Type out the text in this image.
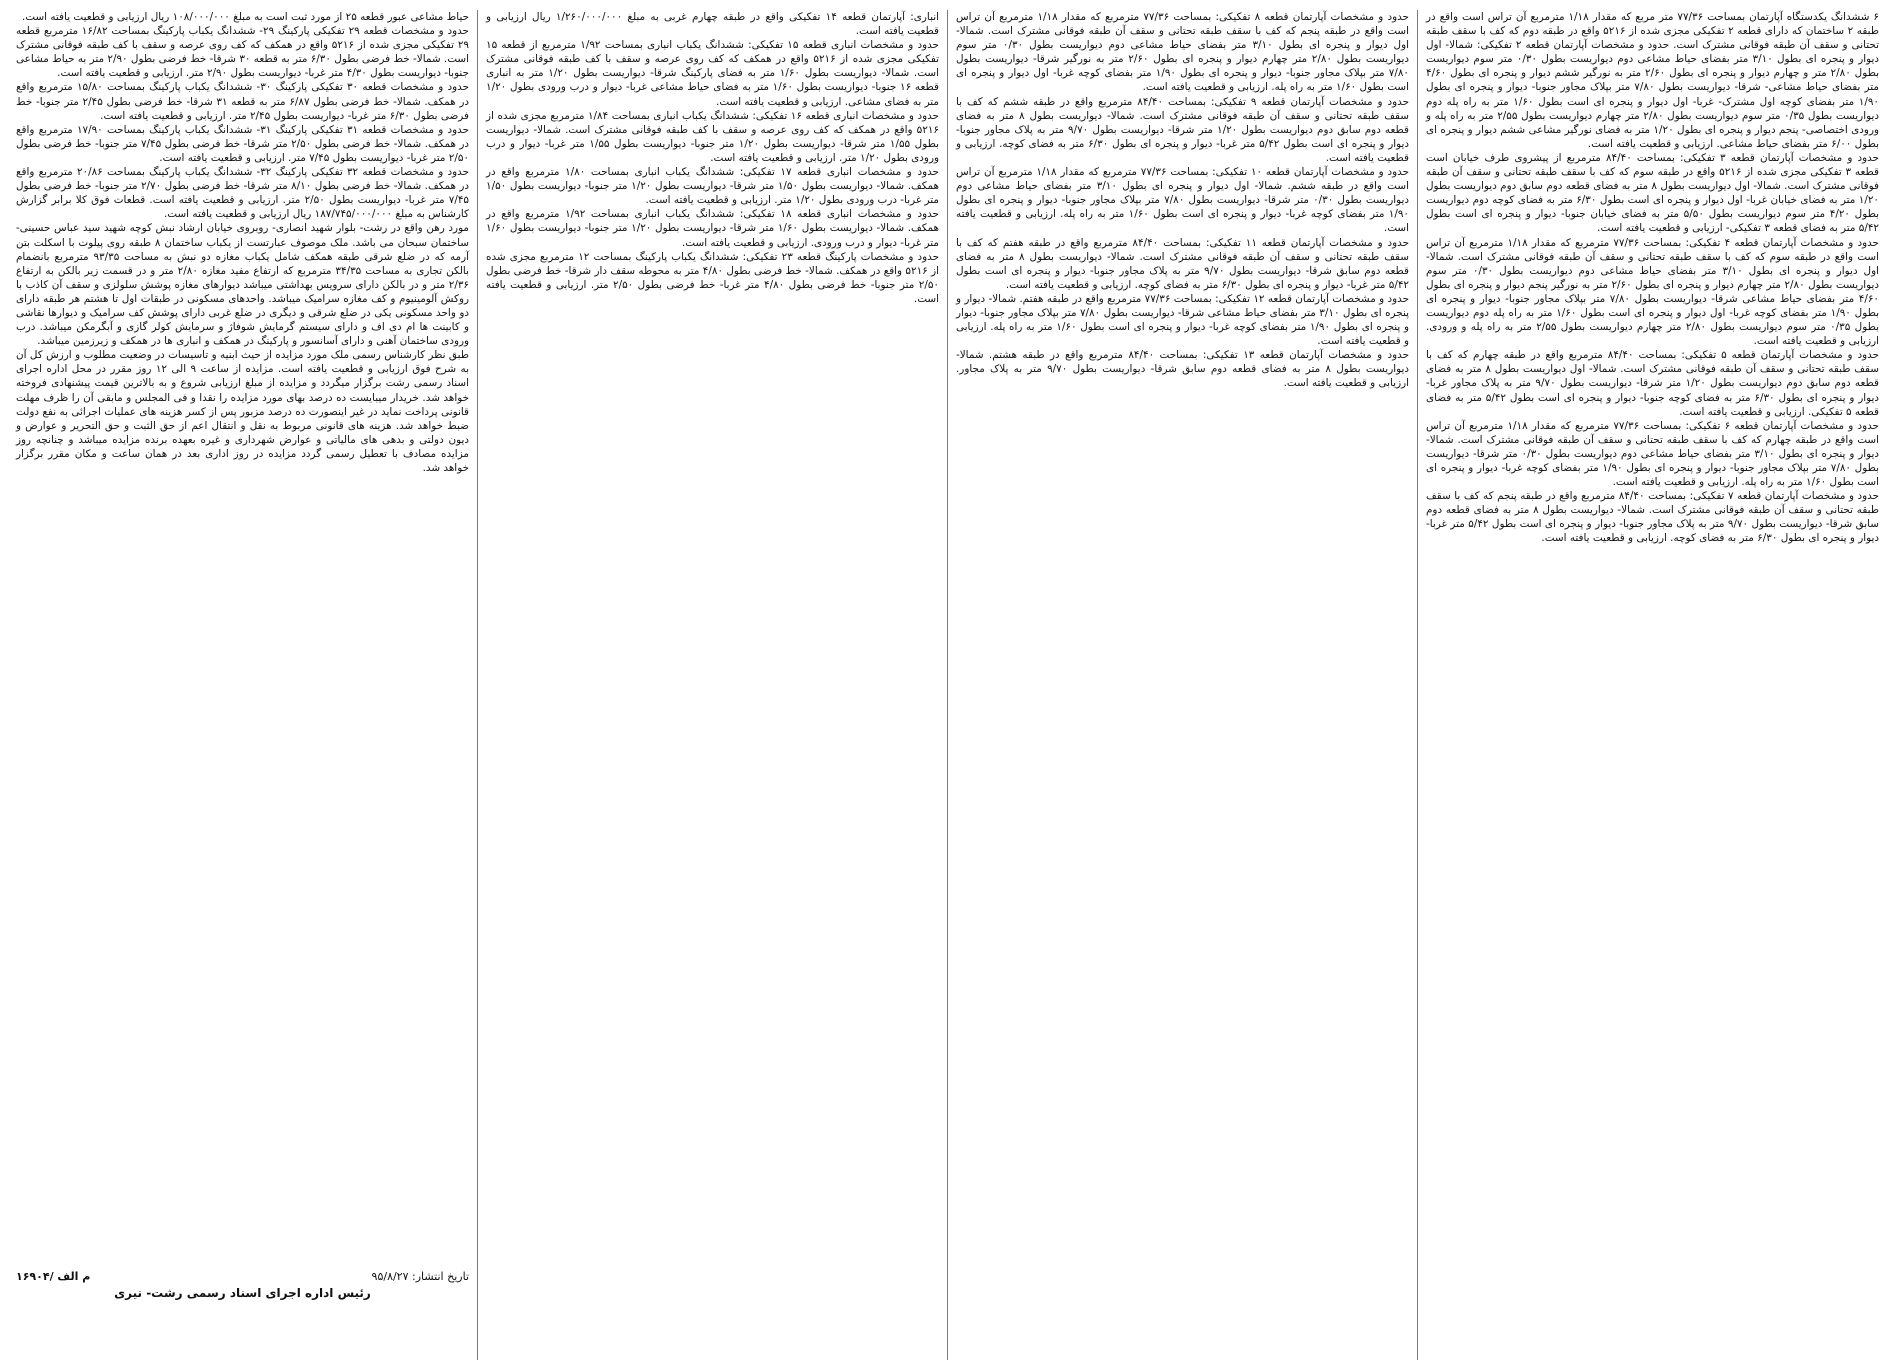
۶ ششدانگ یکدستگاه آپارتمان بمساحت ۷۷/۳۶ متر مربع که مقدار ۱/۱۸ مترمربع آن تراس است واقع در طبقه ۲ ساختمان که دارای قطعه ۲ تفکیکی مجزی شده از ۵۲۱۶ واقع در طبقه دوم که کف با سقف طبقه تحتانی و سقف آن طبقه فوقانی مشترک است. حدود و مشخصات آپارتمان قطعه ۲ تفکیکی: شمالا- اول دیوار و پنجره ای بطول ۳/۱۰ متر بفضای حیاط مشاعی دوم دیواریست بطول ۰/۳۰ متر سوم دیواریست بطول ۲/۸۰ متر و چهارم دیوار و پنجره ای بطول ۲/۶۰ متر به نورگیر ششم دیوار و پنجره ای بطول ۴/۶۰ متر بفضای حیاط مشاعی- شرقا- دیواریست بطول ۷/۸۰ متر بپلاک مجاور جنوبا- دیوار و پنجره ای بطول ۱/۹۰ متر بفضای کوچه اول مشترک- غربا- اول دیوار و پنجره ای است بطول ۱/۶۰ متر به راه پله دوم دیواریست بطول ۰/۳۵ متر سوم دیواریست بطول ۲/۸۰ متر چهارم دیواریست بطول ۲/۵۵ متر به راه پله و ورودی اختصاصی- پنجم دیوار و پنجره ای بطول ۱/۲۰ متر به فضای نورگیر مشاعی ششم دیوار و پنجره ای بطول ۶/۰۰ متر بفضای حیاط مشاعی. ارزیابی و قطعیت یافته است.
حدود و مشخصات آپارتمان قطعه ۳ تفکیکی: بمساحت ۸۴/۴۰ مترمربع از پیشروی طرف خیابان است قطعه ۳ تفکیکی مجزی شده از ۵۲۱۶ واقع در طبقه سوم که کف با سقف طبقه تحتانی و سقف آن طبقه فوقانی مشترک است. شمالا- اول دیواریست بطول ۸ متر به فضای قطعه دوم سابق دوم دیواریست بطول ۱/۲۰ متر به فضای خیابان غربا- اول دیوار و پنجره ای است بطول ۶/۳۰ متر به فضای کوچه دوم دیواریست بطول ۴/۲۰ متر سوم دیواریست بطول ۵/۵۰ متر به فضای خیابان جنوبا- دیوار و پنجره ای است بطول ۵/۴۲ متر به فضای قطعه ۳ تفکیکی- ارزیابی و قطعیت یافته است.
حدود و مشخصات آپارتمان قطعه ۴ تفکیکی: بمساحت ۷۷/۳۶ مترمربع که مقدار ۱/۱۸ مترمربع آن تراس است واقع در طبقه سوم که کف با سقف طبقه تحتانی و سقف آن طبقه فوقانی مشترک است. شمالا- اول دیوار و پنجره ای بطول ۳/۱۰ متر بفضای حیاط مشاعی دوم دیواریست بطول ۰/۳۰ متر سوم دیواریست بطول ۲/۸۰ متر چهارم دیوار و پنجره ای بطول ۲/۶۰ متر به نورگیر پنجم دیوار و پنجره ای بطول ۴/۶۰ متر بفضای حیاط مشاعی شرقا- دیواریست بطول ۷/۸۰ متر بپلاک مجاور جنوبا- دیوار و پنجره ای بطول ۱/۹۰ متر بفضای کوچه غربا- اول دیوار و پنجره ای است بطول ۱/۶۰ متر به راه پله دوم دیواریست بطول ۰/۳۵ متر سوم دیواریست بطول ۲/۸۰ متر چهارم دیواریست بطول ۲/۵۵ متر به راه پله و ورودی. ارزیابی و قطعیت یافته است.
حدود و مشخصات آپارتمان قطعه ۵ تفکیکی: بمساحت ۸۴/۴۰ مترمربع واقع در طبقه چهارم که کف با سقف طبقه تحتانی و سقف آن طبقه فوقانی مشترک است. شمالا- اول دیواریست بطول ۸ متر به فضای قطعه دوم سابق دوم دیواریست بطول ۱/۲۰ متر شرقا- دیواریست بطول ۹/۷۰ متر به پلاک مجاور غربا- دیوار و پنجره ای بطول ۶/۳۰ متر به فضای کوچه جنوبا- دیوار و پنجره ای است بطول ۵/۴۲ متر به فضای قطعه ۵ تفکیکی. ارزیابی و قطعیت یافته است.
حدود و مشخصات آپارتمان قطعه ۶ تفکیکی: بمساحت ۷۷/۳۶ مترمربع که مقدار ۱/۱۸ مترمربع آن تراس است واقع در طبقه چهارم که کف با سقف طبقه تحتانی و سقف آن طبقه فوقانی مشترک است. شمالا- دیوار و پنجره ای بطول ۳/۱۰ متر بفضای حیاط مشاعی دوم دیواریست بطول ۰/۳۰ متر شرقا- دیواریست بطول ۷/۸۰ متر بپلاک مجاور جنوبا- دیوار و پنجره ای بطول ۱/۹۰ متر بفضای کوچه غربا- دیوار و پنجره ای است بطول ۱/۶۰ متر به راه پله. ارزیابی و قطعیت یافته است.
حدود و مشخصات آپارتمان قطعه ۷ تفکیکی: بمساحت ۸۴/۴۰ مترمربع واقع در طبقه پنجم که کف با سقف طبقه تحتانی و سقف آن طبقه فوقانی مشترک است. شمالا- دیواریست بطول ۸ متر به فضای قطعه دوم سابق شرقا- دیواریست بطول ۹/۷۰ متر به پلاک مجاور جنوبا- دیوار و پنجره ای است بطول ۵/۴۲ متر غربا- دیوار و پنجره ای بطول ۶/۳۰ متر به فضای کوچه. ارزیابی و قطعیت یافته است.

حدود و مشخصات آپارتمان قطعه ۸ تفکیکی: بمساحت ۷۷/۳۶ مترمربع که مقدار ۱/۱۸ مترمربع آن تراس است واقع در طبقه پنجم که کف با سقف طبقه تحتانی و سقف آن طبقه فوقانی مشترک است. شمالا- اول دیوار و پنجره ای بطول ۳/۱۰ متر بفضای حیاط مشاعی دوم دیواریست بطول ۰/۳۰ متر سوم دیواریست بطول ۲/۸۰ متر چهارم دیوار و پنجره ای بطول ۲/۶۰ متر به نورگیر شرقا- دیواریست بطول ۷/۸۰ متر بپلاک مجاور جنوبا- دیوار و پنجره ای بطول ۱/۹۰ متر بفضای کوچه غربا- اول دیوار و پنجره ای است بطول ۱/۶۰ متر به راه پله. ارزیابی و قطعیت یافته است.
حدود و مشخصات آپارتمان قطعه ۹ تفکیکی: بمساحت ۸۴/۴۰ مترمربع واقع در طبقه ششم که کف با سقف طبقه تحتانی و سقف آن طبقه فوقانی مشترک است. شمالا- دیواریست بطول ۸ متر به فضای قطعه دوم سابق دوم دیواریست بطول ۱/۲۰ متر شرقا- دیواریست بطول ۹/۷۰ متر به پلاک مجاور جنوبا- دیوار و پنجره ای است بطول ۵/۴۲ متر غربا- دیوار و پنجره ای بطول ۶/۳۰ متر به فضای کوچه. ارزیابی و قطعیت یافته است.
حدود و مشخصات آپارتمان قطعه ۱۰ تفکیکی: بمساحت ۷۷/۳۶ مترمربع که مقدار ۱/۱۸ مترمربع آن تراس است واقع در طبقه ششم. شمالا- اول دیوار و پنجره ای بطول ۳/۱۰ متر بفضای حیاط مشاعی دوم دیواریست بطول ۰/۳۰ متر شرقا- دیواریست بطول ۷/۸۰ متر بپلاک مجاور جنوبا- دیوار و پنجره ای بطول ۱/۹۰ متر بفضای کوچه غربا- دیوار و پنجره ای است بطول ۱/۶۰ متر به راه پله. ارزیابی و قطعیت یافته است.
حدود و مشخصات آپارتمان قطعه ۱۱ تفکیکی: بمساحت ۸۴/۴۰ مترمربع واقع در طبقه هفتم که کف با سقف طبقه تحتانی و سقف آن طبقه فوقانی مشترک است. شمالا- دیواریست بطول ۸ متر به فضای قطعه دوم سابق شرقا- دیواریست بطول ۹/۷۰ متر به پلاک مجاور جنوبا- دیوار و پنجره ای است بطول ۵/۴۲ متر غربا- دیوار و پنجره ای بطول ۶/۳۰ متر به فضای کوچه. ارزیابی و قطعیت یافته است.
حدود و مشخصات آپارتمان قطعه ۱۲ تفکیکی: بمساحت ۷۷/۳۶ مترمربع واقع در طبقه هفتم. شمالا- دیوار و پنجره ای بطول ۳/۱۰ متر بفضای حیاط مشاعی شرقا- دیواریست بطول ۷/۸۰ متر بپلاک مجاور جنوبا- دیوار و پنجره ای بطول ۱/۹۰ متر بفضای کوچه غربا- دیوار و پنجره ای است بطول ۱/۶۰ متر به راه پله. ارزیابی و قطعیت یافته است.
حدود و مشخصات آپارتمان قطعه ۱۳ تفکیکی: بمساحت ۸۴/۴۰ مترمربع واقع در طبقه هشتم. شمالا- دیواریست بطول ۸ متر به فضای قطعه دوم سابق شرقا- دیواریست بطول ۹/۷۰ متر به پلاک مجاور. ارزیابی و قطعیت یافته است.

انباری: آپارتمان قطعه ۱۴ تفکیکی واقع در طبقه چهارم غربی به مبلغ ۱/۲۶۰/۰۰۰/۰۰۰ ریال ارزیابی و قطعیت یافته است.
حدود و مشخصات انباری قطعه ۱۵ تفکیکی: ششدانگ یکباب انباری بمساحت ۱/۹۲ مترمربع از قطعه ۱۵ تفکیکی مجزی شده از ۵۲۱۶ واقع در همکف که کف روی عرصه و سقف با کف طبقه فوقانی مشترک است. شمالا- دیواریست بطول ۱/۶۰ متر به فضای پارکینگ شرقا- دیواریست بطول ۱/۲۰ متر به انباری قطعه ۱۶ جنوبا- دیواریست بطول ۱/۶۰ متر به فضای حیاط مشاعی غربا- دیوار و درب ورودی بطول ۱/۲۰ متر به فضای مشاعی. ارزیابی و قطعیت یافته است.
حدود و مشخصات انباری قطعه ۱۶ تفکیکی: ششدانگ یکباب انباری بمساحت ۱/۸۴ مترمربع مجزی شده از ۵۲۱۶ واقع در همکف که کف روی عرصه و سقف با کف طبقه فوقانی مشترک است. شمالا- دیواریست بطول ۱/۵۵ متر شرقا- دیواریست بطول ۱/۲۰ متر جنوبا- دیواریست بطول ۱/۵۵ متر غربا- دیوار و درب ورودی بطول ۱/۲۰ متر. ارزیابی و قطعیت یافته است.
حدود و مشخصات انباری قطعه ۱۷ تفکیکی: ششدانگ یکباب انباری بمساحت ۱/۸۰ مترمربع واقع در همکف. شمالا- دیواریست بطول ۱/۵۰ متر شرقا- دیواریست بطول ۱/۲۰ متر جنوبا- دیواریست بطول ۱/۵۰ متر غربا- درب ورودی بطول ۱/۲۰ متر. ارزیابی و قطعیت یافته است.
حدود و مشخصات انباری قطعه ۱۸ تفکیکی: ششدانگ یکباب انباری بمساحت ۱/۹۲ مترمربع واقع در همکف. شمالا- دیواریست بطول ۱/۶۰ متر شرقا- دیواریست بطول ۱/۲۰ متر جنوبا- دیواریست بطول ۱/۶۰ متر غربا- دیوار و درب ورودی. ارزیابی و قطعیت یافته است.
حدود و مشخصات پارکینگ قطعه ۲۳ تفکیکی: ششدانگ یکباب پارکینگ بمساحت ۱۲ مترمربع مجزی شده از ۵۲۱۶ واقع در همکف. شمالا- خط فرضی بطول ۴/۸۰ متر به محوطه سقف دار شرقا- خط فرضی بطول ۲/۵۰ متر جنوبا- خط فرضی بطول ۴/۸۰ متر غربا- خط فرضی بطول ۲/۵۰ متر. ارزیابی و قطعیت یافته است.

حیاط مشاعی عبور قطعه ۲۵ از مورد ثبت است به مبلغ ۱۰۸/۰۰۰/۰۰۰ ریال ارزیابی و قطعیت یافته است.
حدود و مشخصات قطعه ۲۹ تفکیکی پارکینگ ۲۹- ششدانگ یکباب پارکینگ بمساحت ۱۶/۸۲ مترمربع قطعه ۲۹ تفکیکی مجزی شده از ۵۲۱۶ واقع در همکف که کف روی عرصه و سقف با کف طبقه فوقانی مشترک است. شمالا- خط فرضی بطول ۶/۳۰ متر به قطعه ۳۰ شرقا- خط فرضی بطول ۲/۹۰ متر به حیاط مشاعی جنوبا- دیواریست بطول ۴/۳۰ متر غربا- دیواریست بطول ۲/۹۰ متر. ارزیابی و قطعیت یافته است.
حدود و مشخصات قطعه ۳۰ تفکیکی پارکینگ ۳۰- ششدانگ یکباب پارکینگ بمساحت ۱۵/۸۰ مترمربع واقع در همکف. شمالا- خط فرضی بطول ۶/۸۷ متر به قطعه ۳۱ شرقا- خط فرضی بطول ۲/۴۵ متر جنوبا- خط فرضی بطول ۶/۳۰ متر غربا- دیواریست بطول ۲/۴۵ متر. ارزیابی و قطعیت یافته است.
حدود و مشخصات قطعه ۳۱ تفکیکی پارکینگ ۳۱- ششدانگ یکباب پارکینگ بمساحت ۱۷/۹۰ مترمربع واقع در همکف. شمالا- خط فرضی بطول ۲/۵۰ متر شرقا- خط فرضی بطول ۷/۴۵ متر جنوبا- خط فرضی بطول ۲/۵۰ متر غربا- دیواریست بطول ۷/۴۵ متر. ارزیابی و قطعیت یافته است.
حدود و مشخصات قطعه ۳۲ تفکیکی پارکینگ ۳۲- ششدانگ یکباب پارکینگ بمساحت ۲۰/۸۶ مترمربع واقع در همکف. شمالا- خط فرضی بطول ۸/۱۰ متر شرقا- خط فرضی بطول ۲/۷۰ متر جنوبا- خط فرضی بطول ۷/۴۵ متر غربا- دیواریست بطول ۲/۵۰ متر. ارزیابی و قطعیت یافته است. قطعات فوق کلا برابر گزارش کارشناس به مبلغ ۱۸۷/۷۴۵/۰۰۰/۰۰۰ ریال ارزیابی و قطعیت یافته است.
مورد رهن واقع در رشت- بلوار شهید انصاری- روبروی خیابان ارشاد نبش کوچه شهید سید عباس حسینی- ساختمان سبحان می باشد. ملک موصوف عبارتست از یکباب ساختمان ۸ طبقه روی پیلوت با اسکلت بتن آرمه که در ضلع شرقی طبقه همکف شامل یکباب مغازه دو نبش به مساحت ۹۳/۳۵ مترمربع بانضمام بالکن تجاری به مساحت ۳۴/۳۵ مترمربع که ارتفاع مفید مغازه ۲/۸۰ متر و در قسمت زیر بالکن به ارتفاع ۲/۳۶ متر و در بالکن دارای سرویس بهداشتی میباشد دیوارهای مغازه پوشش سلولزی و سقف آن کاذب با روکش آلومینیوم و کف مغازه سرامیک میباشد. واحدهای مسکونی در طبقات اول تا هشتم هر طبقه دارای دو واحد مسکونی یکی در ضلع شرقی و دیگری در ضلع غربی دارای پوشش کف سرامیک و دیوارها نقاشی و کابینت ها ام دی اف و دارای سیستم گرمایش شوفاژ و سرمایش کولر گازی و آبگرمکن میباشد. درب ورودی ساختمان آهنی و دارای آسانسور و پارکینگ در همکف و انباری ها در همکف و زیرزمین میباشد.
طبق نظر کارشناس رسمی ملک مورد مزایده از حیث ابنیه و تاسیسات در وضعیت مطلوب و ارزش کل آن به شرح فوق ارزیابی و قطعیت یافته است. مزایده از ساعت ۹ الی ۱۲ روز مقرر در محل اداره اجرای اسناد رسمی رشت برگزار میگردد و مزایده از مبلغ ارزیابی شروع و به بالاترین قیمت پیشنهادی فروخته خواهد شد. خریدار میبایست ده درصد بهای مورد مزایده را نقدا و فی المجلس و مابقی آن را ظرف مهلت قانونی پرداخت نماید در غیر اینصورت ده درصد مزبور پس از کسر هزینه های عملیات اجرائی به نفع دولت ضبط خواهد شد. هزینه های قانونی مربوط به نقل و انتقال اعم از حق الثبت و حق التحریر و عوارض و دیون دولتی و بدهی های مالیاتی و عوارض شهرداری و غیره بعهده برنده مزایده میباشد و چنانچه روز مزایده مصادف با تعطیل رسمی گردد مزایده در روز اداری بعد در همان ساعت و مکان مقرر برگزار خواهد شد.

تاریخ انتشار: ۹۵/۸/۲۷
۱۶۹۰۴/ م الف
رئیس اداره اجرای اسناد رسمی رشت- نیری
